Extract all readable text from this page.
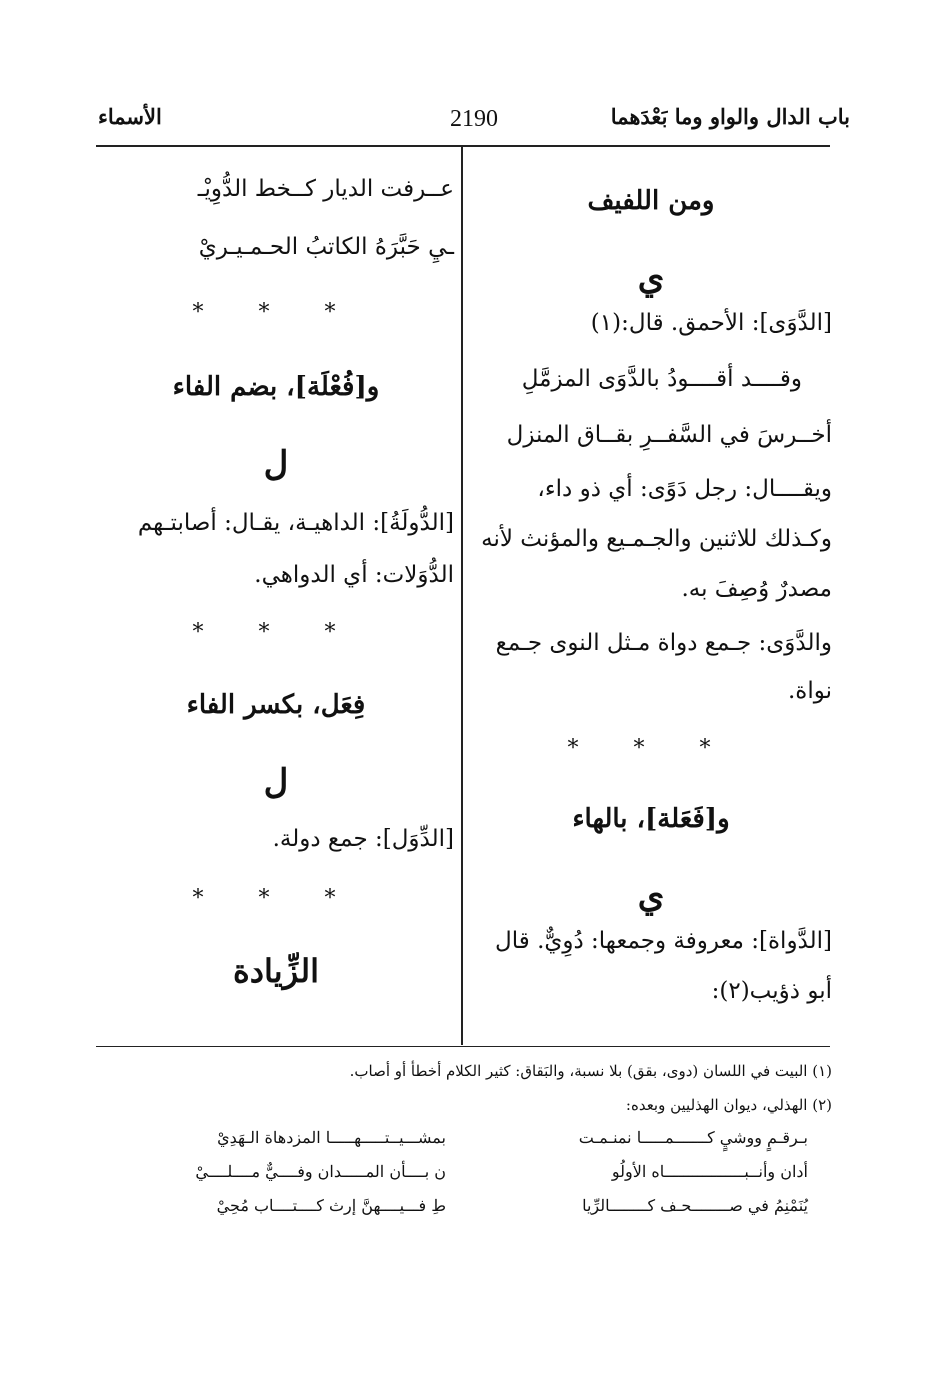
باب الدال والواو وما بَعْدَهما
2190
الأسماء
ومن اللفيف
ي
[الدَّوَى]: الأحمق. قال:(١)
وقــــد أقــــودُ بالدَّوَى المزمَّلِ
أخــرسَ في السَّفــرِ بقــاق المنزل
ويقــــال: رجل دَوًى: أي ذو داء،
وكـذلك للاثنين والجـمـيع والمؤنث لأنه
مصدرٌ وُصِفَ به.
والدَّوَى: جـمع دواة مـثل النوى جـمع
نواة.
* * *
و[فَعَلة]، بالهاء
ي
[الدَّواة]: معروفة وجمعها: دُوِيٌّ. قال
أبو ذؤيب(٢):
عــرفت الديار كــخط الدُّوِيْـ
ـيِ حَبَّرَهُ الكاتبُ الحـمـيـريْ
* * *
و[فُعْلَة]، بضم الفاء
ل
[الدُّولَةُ]: الداهيـة، يقـال: أصابتـهم
الدُّوَلات: أي الدواهي.
* * *
فِعَل، بكسر الفاء
ل
[الدِّوَل]: جمع دولة.
* * *
الزِّيادة
(١) البيت في اللسان (دوى، بقق) بلا نسبة، والبَقاق: كثير الكلام أخطأ أو أصاب.
(٢) الهذلي، ديوان الهذليين وبعده:
بـرقـمٍ ووشيٍ كـــــــمـــــا نمنـمـت
أدان وأنــبـــــــــــــــــاه الأولُو
يُنَمْنِمُ في صــــــــحـف كــــــــالرِّيا
بمشـــيــتـــــهـــــا المزدهاة الـهَدِيْ
ن بــــأن المـــــدان وفــــيٌّ مــــلــــيْ
طِ فـــيــــهنَّ إرث كــــتــــاب مُحِيْ
